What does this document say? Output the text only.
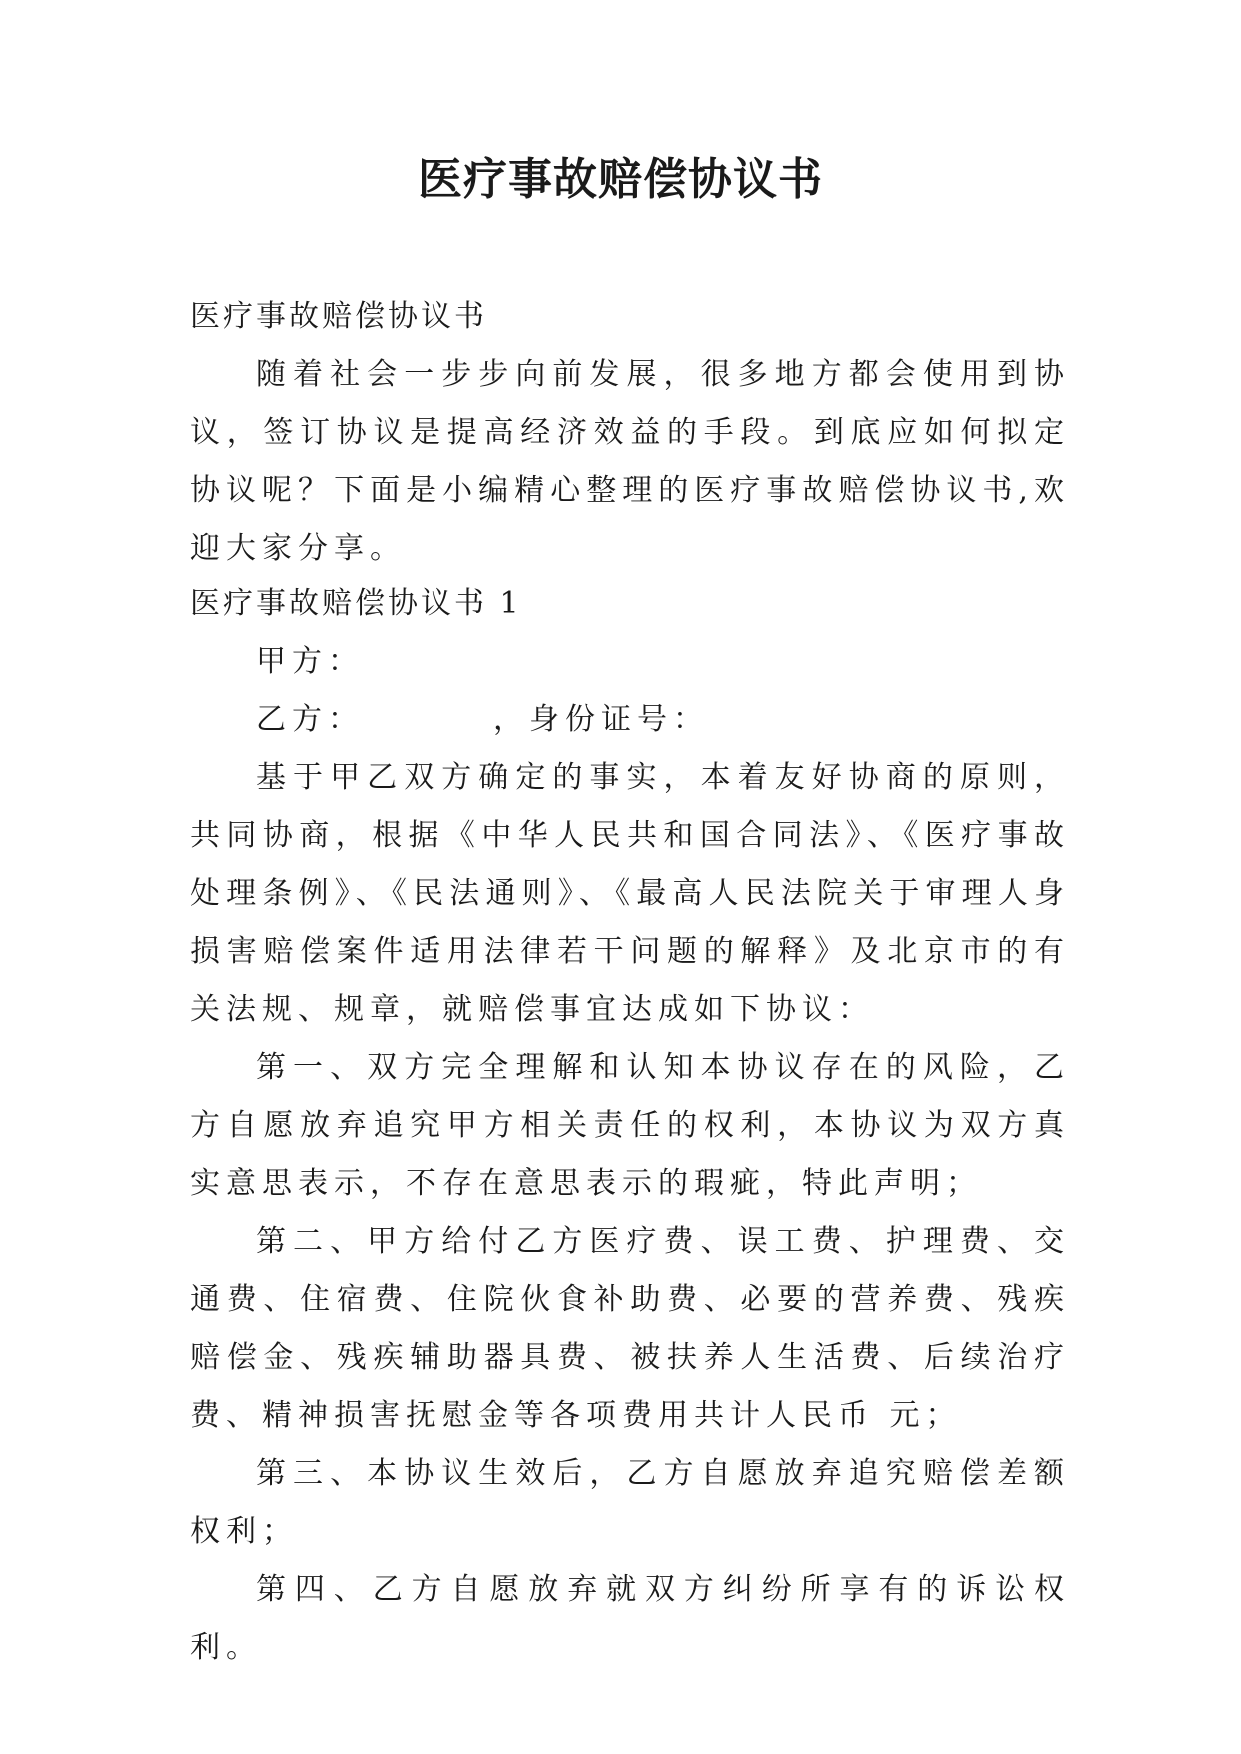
医疗事故赔偿协议书

医疗事故赔偿协议书

随着社会一步步向前发展，很多地方都会使用到协议，签订协议是提高经济效益的手段。到底应如何拟定协议呢？下面是小编精心整理的医疗事故赔偿协议书,欢迎大家分享。

医疗事故赔偿协议书 1

甲方：

乙方：　　　　，身份证号：

基于甲乙双方确定的事实，本着友好协商的原则，共同协商，根据《中华人民共和国合同法》、《医疗事故处理条例》、《民法通则》、《最高人民法院关于审理人身损害赔偿案件适用法律若干问题的解释》及北京市的有关法规、规章，就赔偿事宜达成如下协议：

第一、双方完全理解和认知本协议存在的风险，乙方自愿放弃追究甲方相关责任的权利，本协议为双方真实意思表示，不存在意思表示的瑕疵，特此声明；

第二、甲方给付乙方医疗费、误工费、护理费、交通费、住宿费、住院伙食补助费、必要的营养费、残疾赔偿金、残疾辅助器具费、被扶养人生活费、后续治疗费、精神损害抚慰金等各项费用共计人民币 元；

第三、本协议生效后，乙方自愿放弃追究赔偿差额权利；

第四、乙方自愿放弃就双方纠纷所享有的诉讼权利。
